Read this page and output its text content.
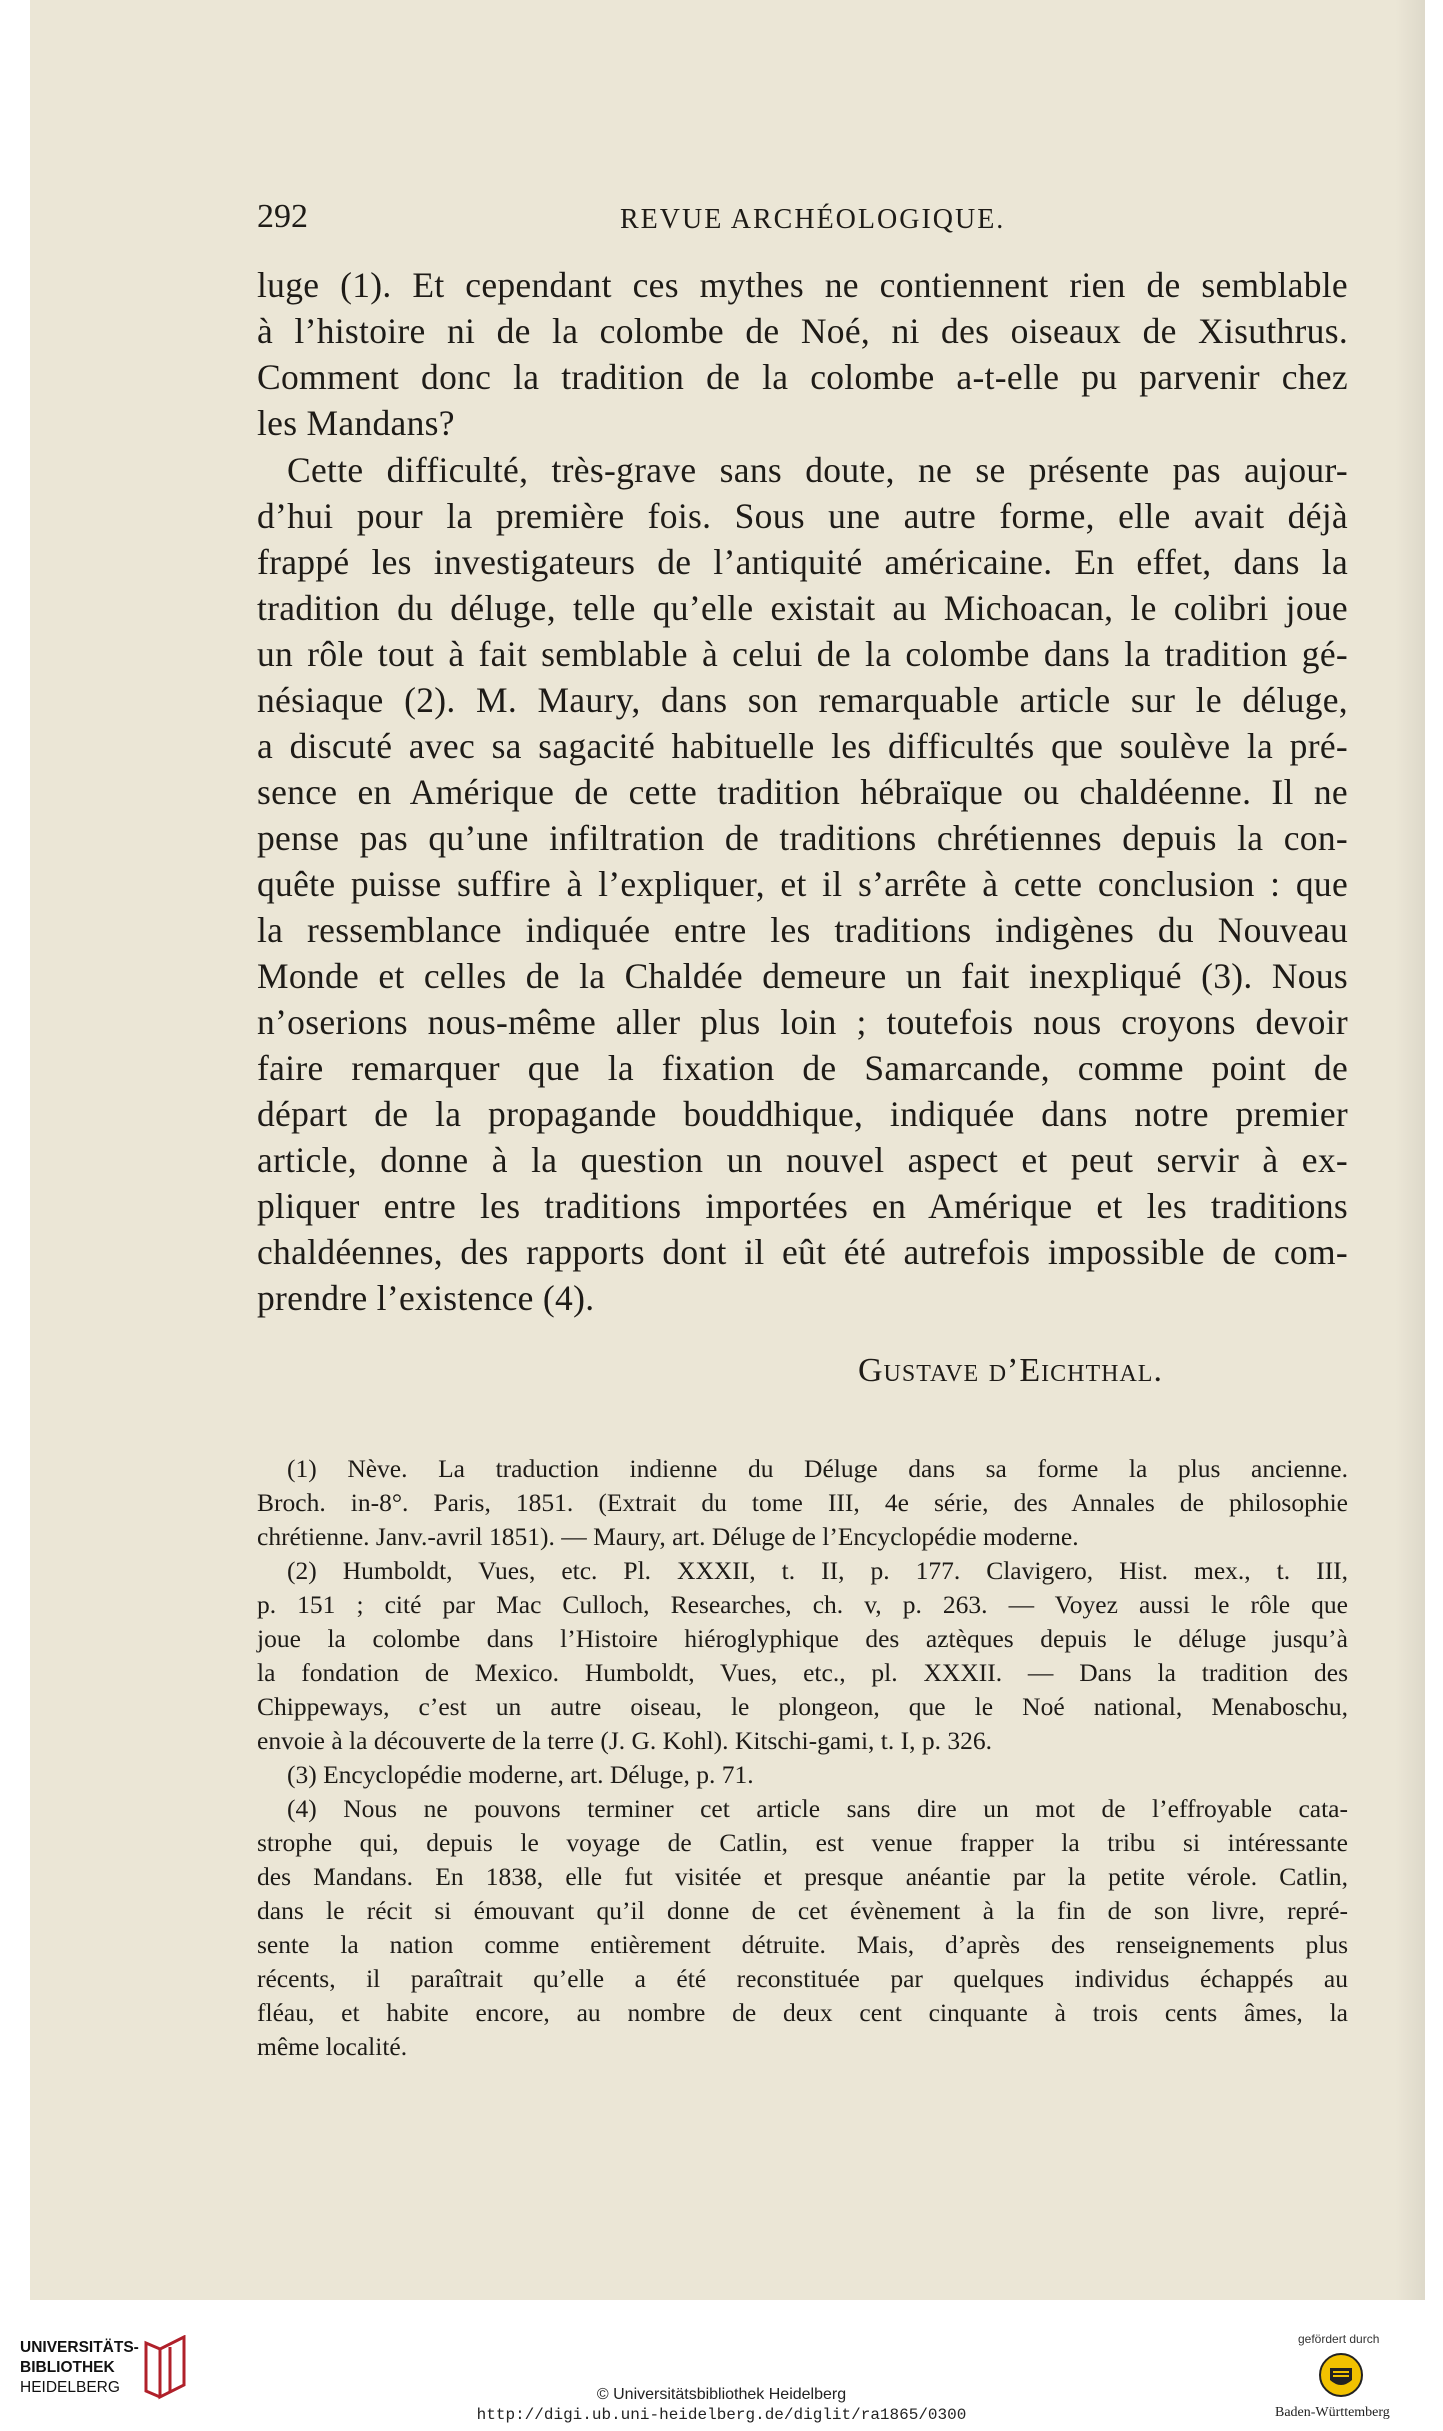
292	REVUE ARCHÉOLOGIQUE.
luge (1). Et cependant ces mythes ne contiennent rien de semblable
à l’histoire ni de la colombe de Noé, ni des oiseaux de Xisuthrus.
Comment donc la tradition de la colombe a-t-elle pu parvenir chez
les Mandans?
Cette difficulté, très-grave sans doute, ne se présente pas aujour-
d’hui pour la première fois. Sous une autre forme, elle avait déjà
frappé les investigateurs de l’antiquité américaine. En effet, dans la
tradition du déluge, telle qu’elle existait au Michoacan, le colibri joue
un rôle tout à fait semblable à celui de la colombe dans la tradition gé-
nésiaque (2). M. Maury, dans son remarquable article sur le déluge,
a discuté avec sa sagacité habituelle les difficultés que soulève la pré-
sence en Amérique de cette tradition hébraïque ou chaldéenne. Il ne
pense pas qu’une infiltration de traditions chrétiennes depuis la con-
quête puisse suffire à l’expliquer, et il s’arrête à cette conclusion : que
la ressemblance indiquée entre les traditions indigènes du Nouveau
Monde et celles de la Chaldée demeure un fait inexpliqué (3). Nous
n’oserions nous-même aller plus loin ; toutefois nous croyons devoir
faire remarquer que la fixation de Samarcande, comme point de
départ de la propagande bouddhique, indiquée dans notre premier
article, donne à la question un nouvel aspect et peut servir à ex-
pliquer entre les traditions importées en Amérique et les traditions
chaldéennes, des rapports dont il eût été autrefois impossible de com-
prendre l’existence (4).
Gustave d’Eichthal.
(1) Nève. La traduction indienne du Déluge dans sa forme la plus ancienne.
Broch. in-8°. Paris, 1851. (Extrait du tome III, 4e série, des Annales de philosophie
chrétienne. Janv.-avril 1851). — Maury, art. Déluge de l’Encyclopédie moderne.
(2) Humboldt, Vues, etc. Pl. XXXII, t. II, p. 177. Clavigero, Hist. mex., t. III,
p. 151 ; cité par Mac Culloch, Researches, ch. v, p. 263. — Voyez aussi le rôle que
joue la colombe dans l’Histoire hiéroglyphique des aztèques depuis le déluge jusqu’à
la fondation de Mexico. Humboldt, Vues, etc., pl. XXXII. — Dans la tradition des
Chippeways, c’est un autre oiseau, le plongeon, que le Noé national, Menaboschu,
envoie à la découverte de la terre (J. G. Kohl). Kitschi-gami, t. I, p. 326.
(3) Encyclopédie moderne, art. Déluge, p. 71.
(4) Nous ne pouvons terminer cet article sans dire un mot de l’effroyable cata-
strophe qui, depuis le voyage de Catlin, est venue frapper la tribu si intéressante
des Mandans. En 1838, elle fut visitée et presque anéantie par la petite vérole. Catlin,
dans le récit si émouvant qu’il donne de cet évènement à la fin de son livre, repré-
sente la nation comme entièrement détruite. Mais, d’après des renseignements plus
récents, il paraîtrait qu’elle a été reconstituée par quelques individus échappés au
fléau, et habite encore, au nombre de deux cent cinquante à trois cents âmes, la
même localité.
UNIVERSITÄTS-
BIBLIOTHEK
HEIDELBERG	© Universitätsbibliothek Heidelberg
http://digi.ub.uni-heidelberg.de/diglit/ra1865/0300
gefördert durch
Baden-Württemberg
